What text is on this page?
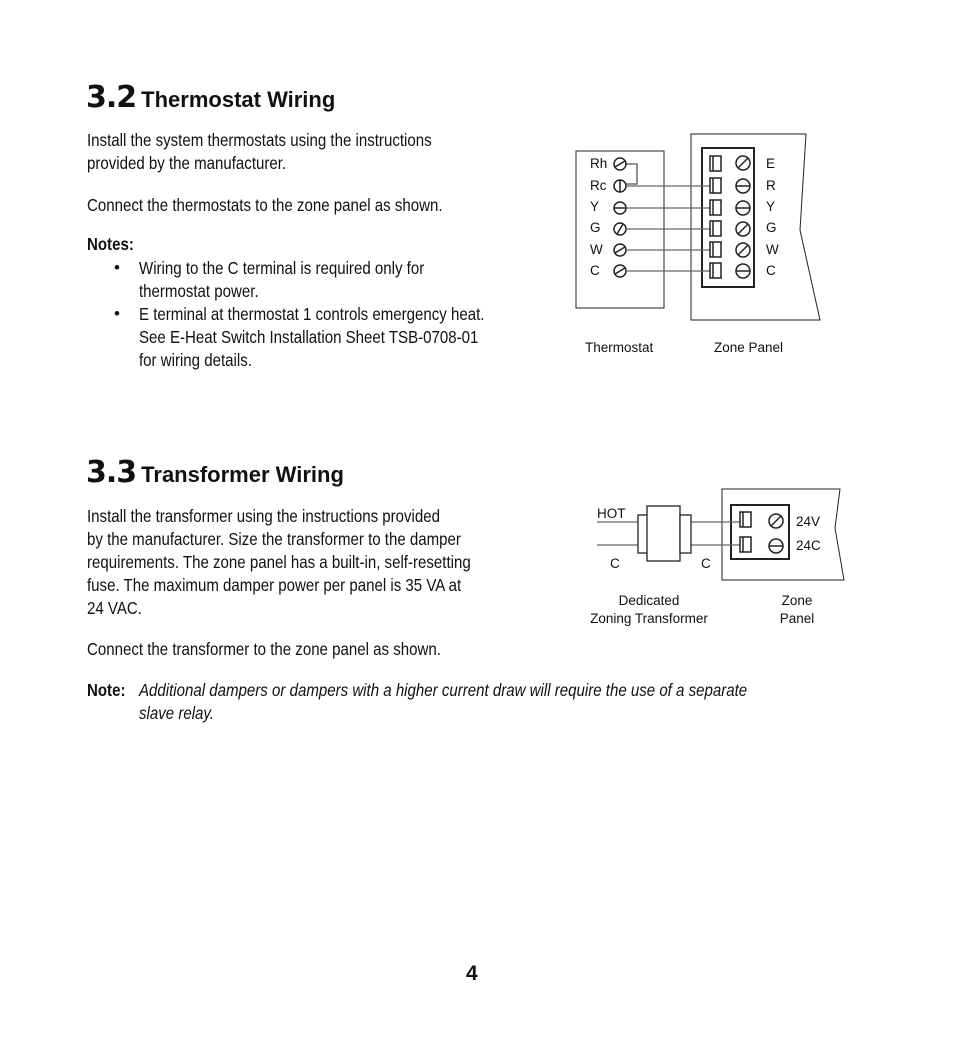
3.2 Thermostat Wiring
Install the system thermostats using the instructions
provided by the manufacturer.
Connect the thermostats to the zone panel as shown.
Notes:
• Wiring to the C terminal is required only for
thermostat power.
• E terminal at thermostat 1 controls emergency heat.
See E-Heat Switch Installation Sheet TSB-0708-01
for wiring details.
Rh
Rc
Y
G
W
C
E
R
Y
G
W
C
Thermostat	Zone Panel
3.3 Transformer Wiring
Install the transformer using the instructions provided
by the manufacturer. Size the transformer to the damper
requirements. The zone panel has a built-in, self-resetting
fuse. The maximum damper power per panel is 35 VA at
24 VAC.
Connect the transformer to the zone panel as shown.
Note: Additional dampers or dampers with a higher current draw will require the use of a separate
slave relay.
HOT
C	C
24V
24C
Dedicated
Zoning Transformer
Zone
Panel
4
